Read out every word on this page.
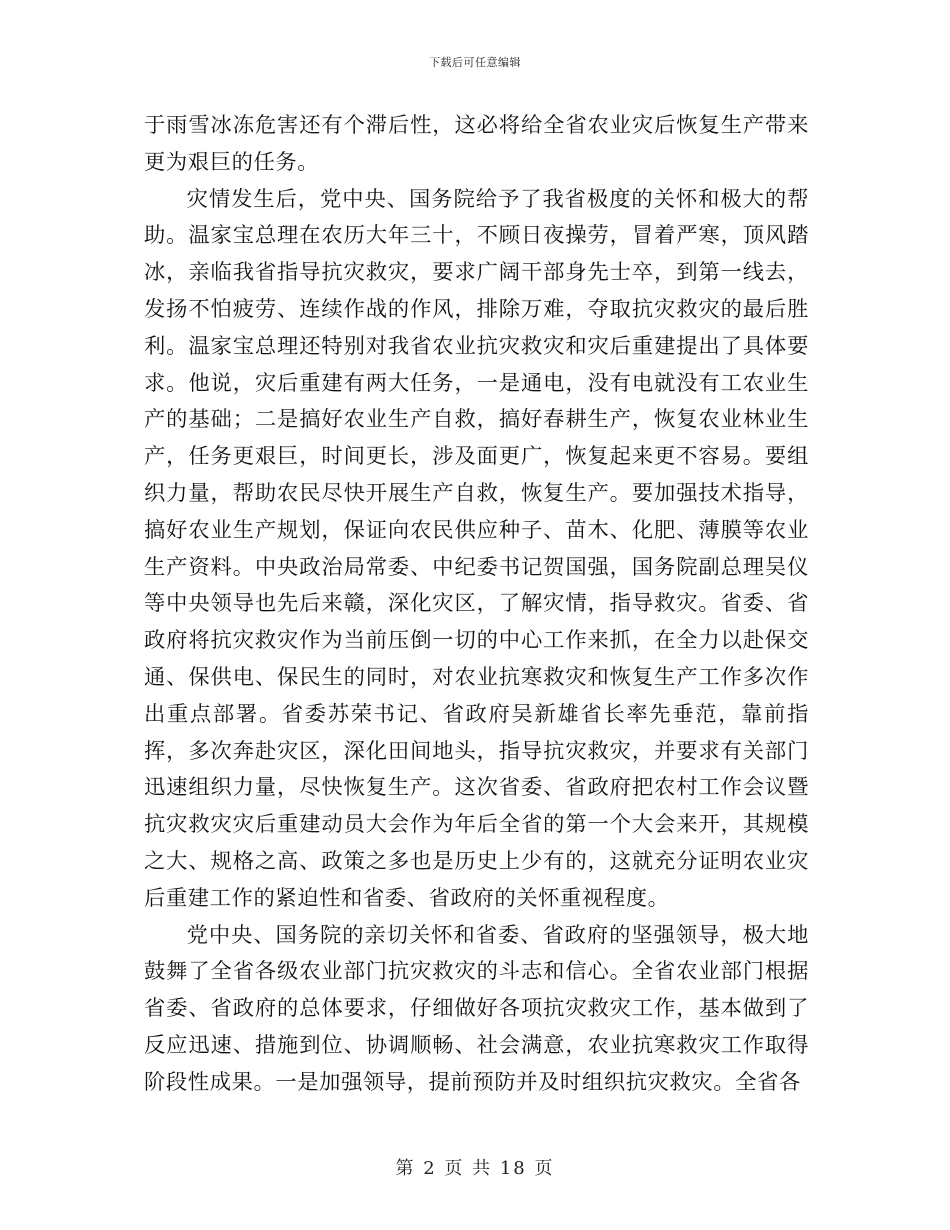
下载后可任意编辑

于雨雪冰冻危害还有个滞后性，这必将给全省农业灾后恢复生产带来更为艰巨的任务。

灾情发生后，党中央、国务院给予了我省极度的关怀和极大的帮助。温家宝总理在农历大年三十，不顾日夜操劳，冒着严寒，顶风踏冰，亲临我省指导抗灾救灾，要求广阔干部身先士卒，到第一线去，发扬不怕疲劳、连续作战的作风，排除万难，夺取抗灾救灾的最后胜利。温家宝总理还特别对我省农业抗灾救灾和灾后重建提出了具体要求。他说，灾后重建有两大任务，一是通电，没有电就没有工农业生产的基础；二是搞好农业生产自救，搞好春耕生产，恢复农业林业生产，任务更艰巨，时间更长，涉及面更广，恢复起来更不容易。要组织力量，帮助农民尽快开展生产自救，恢复生产。要加强技术指导，搞好农业生产规划，保证向农民供应种子、苗木、化肥、薄膜等农业生产资料。中央政治局常委、中纪委书记贺国强，国务院副总理吴仪等中央领导也先后来赣，深化灾区，了解灾情，指导救灾。省委、省政府将抗灾救灾作为当前压倒一切的中心工作来抓，在全力以赴保交通、保供电、保民生的同时，对农业抗寒救灾和恢复生产工作多次作出重点部署。省委苏荣书记、省政府吴新雄省长率先垂范，靠前指挥，多次奔赴灾区，深化田间地头，指导抗灾救灾，并要求有关部门迅速组织力量，尽快恢复生产。这次省委、省政府把农村工作会议暨抗灾救灾灾后重建动员大会作为年后全省的第一个大会来开，其规模之大、规格之高、政策之多也是历史上少有的，这就充分证明农业灾后重建工作的紧迫性和省委、省政府的关怀重视程度。

党中央、国务院的亲切关怀和省委、省政府的坚强领导，极大地鼓舞了全省各级农业部门抗灾救灾的斗志和信心。全省农业部门根据省委、省政府的总体要求，仔细做好各项抗灾救灾工作，基本做到了反应迅速、措施到位、协调顺畅、社会满意，农业抗寒救灾工作取得阶段性成果。一是加强领导，提前预防并及时组织抗灾救灾。全省各

第 2 页 共 18 页
